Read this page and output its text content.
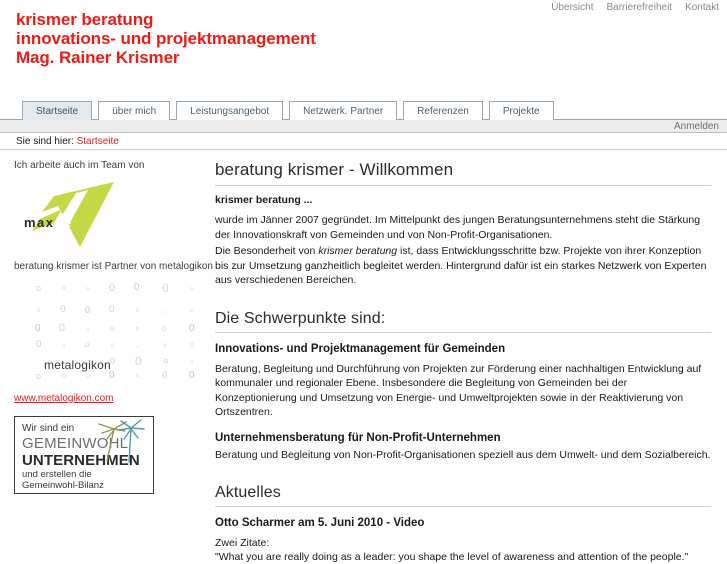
Übersicht Barrierefreiheit Kontakt
krismer beratung
innovations- und projektmanagement
Mag. Rainer Krismer
Startseite	über mich	Leistungsangebot	Netzwerk. Partner	Referenzen	Projekte
Anmelden
Sie sind hier: Startseite
Ich arbeite auch im Team von
max e
beratung krismer ist Partner von metalogikon
o	o	o 0 0 0	o
o 0 0 0	o	o	o
0 0	o	o	o	o 0
0	o o	o	o	o	o
0 0	o	o
o	o	o 0	o 0 0
metalogikon
www.metalogikon.com
Wir sind ein
GEMEINWOHL
UNTERNEHMEN
und erstellen die
Gemeinwohl-Bilanz
beratung krismer - Willkommen
krismer beratung ...

wurde im Jänner 2007 gegründet. Im Mittelpunkt des jungen Beratungsunternehmens steht die Stärkung der Innovationskraft von Gemeinden und von Non-Profit-Organisationen.

Die Besonderheit von krismer beratung ist, dass Entwicklungsschritte bzw. Projekte von ihrer Konzeption bis zur Umsetzung ganzheitlich begleitet werden. Hintergrund dafür ist ein starkes Netzwerk von Experten aus verschiedenen Bereichen.

Die Schwerpunkte sind:
Innovations- und Projektmanagement für Gemeinden

Beratung, Begleitung und Durchführung von Projekten zur Förderung einer nachhaltigen Entwicklung auf kommunaler und regionaler Ebene. Insbesondere die Begleitung von Gemeinden bei der Konzeptionierung und Umsetzung von Energie- und Umweltprojekten sowie in der Reaktivierung von Ortszentren.

Unternehmensberatung für Non-Profit-Unternehmen

Beratung und Begleitung von Non-Profit-Organisationen speziell aus dem Umwelt- und dem Sozialbereich.

Aktuelles
Otto Scharmer am 5. Juni 2010 - Video

Zwei Zitate:

"What you are really doing as a leader: you shape the level of awareness and attention of the people."
